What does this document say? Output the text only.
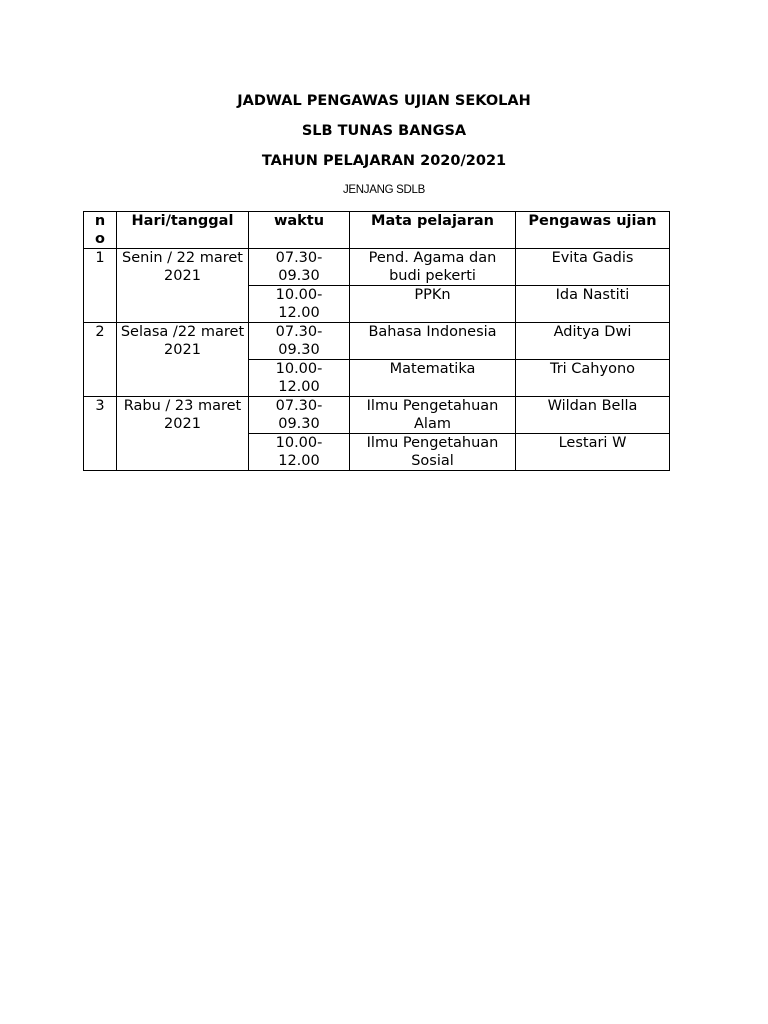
JADWAL PENGAWAS UJIAN SEKOLAH
SLB TUNAS BANGSA
TAHUN PELAJARAN 2020/2021
JENJANG SDLB
no	Hari/tanggal	waktu	Mata pelajaran	Pengawas ujian
1	Senin / 22 maret 2021	07.30-09.30	Pend. Agama dan budi pekerti	Evita Gadis

		10.00-12.00	PPKn	Ida Nastiti
2	Selasa /22 maret 2021	07.30-09.30	Bahasa Indonesia	Aditya Dwi

		10.00-12.00	Matematika	Tri Cahyono
3	Rabu / 23 maret 2021	07.30-09.30	Ilmu Pengetahuan Alam	Wildan Bella

		10.00-12.00	Ilmu Pengetahuan Sosial	Lestari W
